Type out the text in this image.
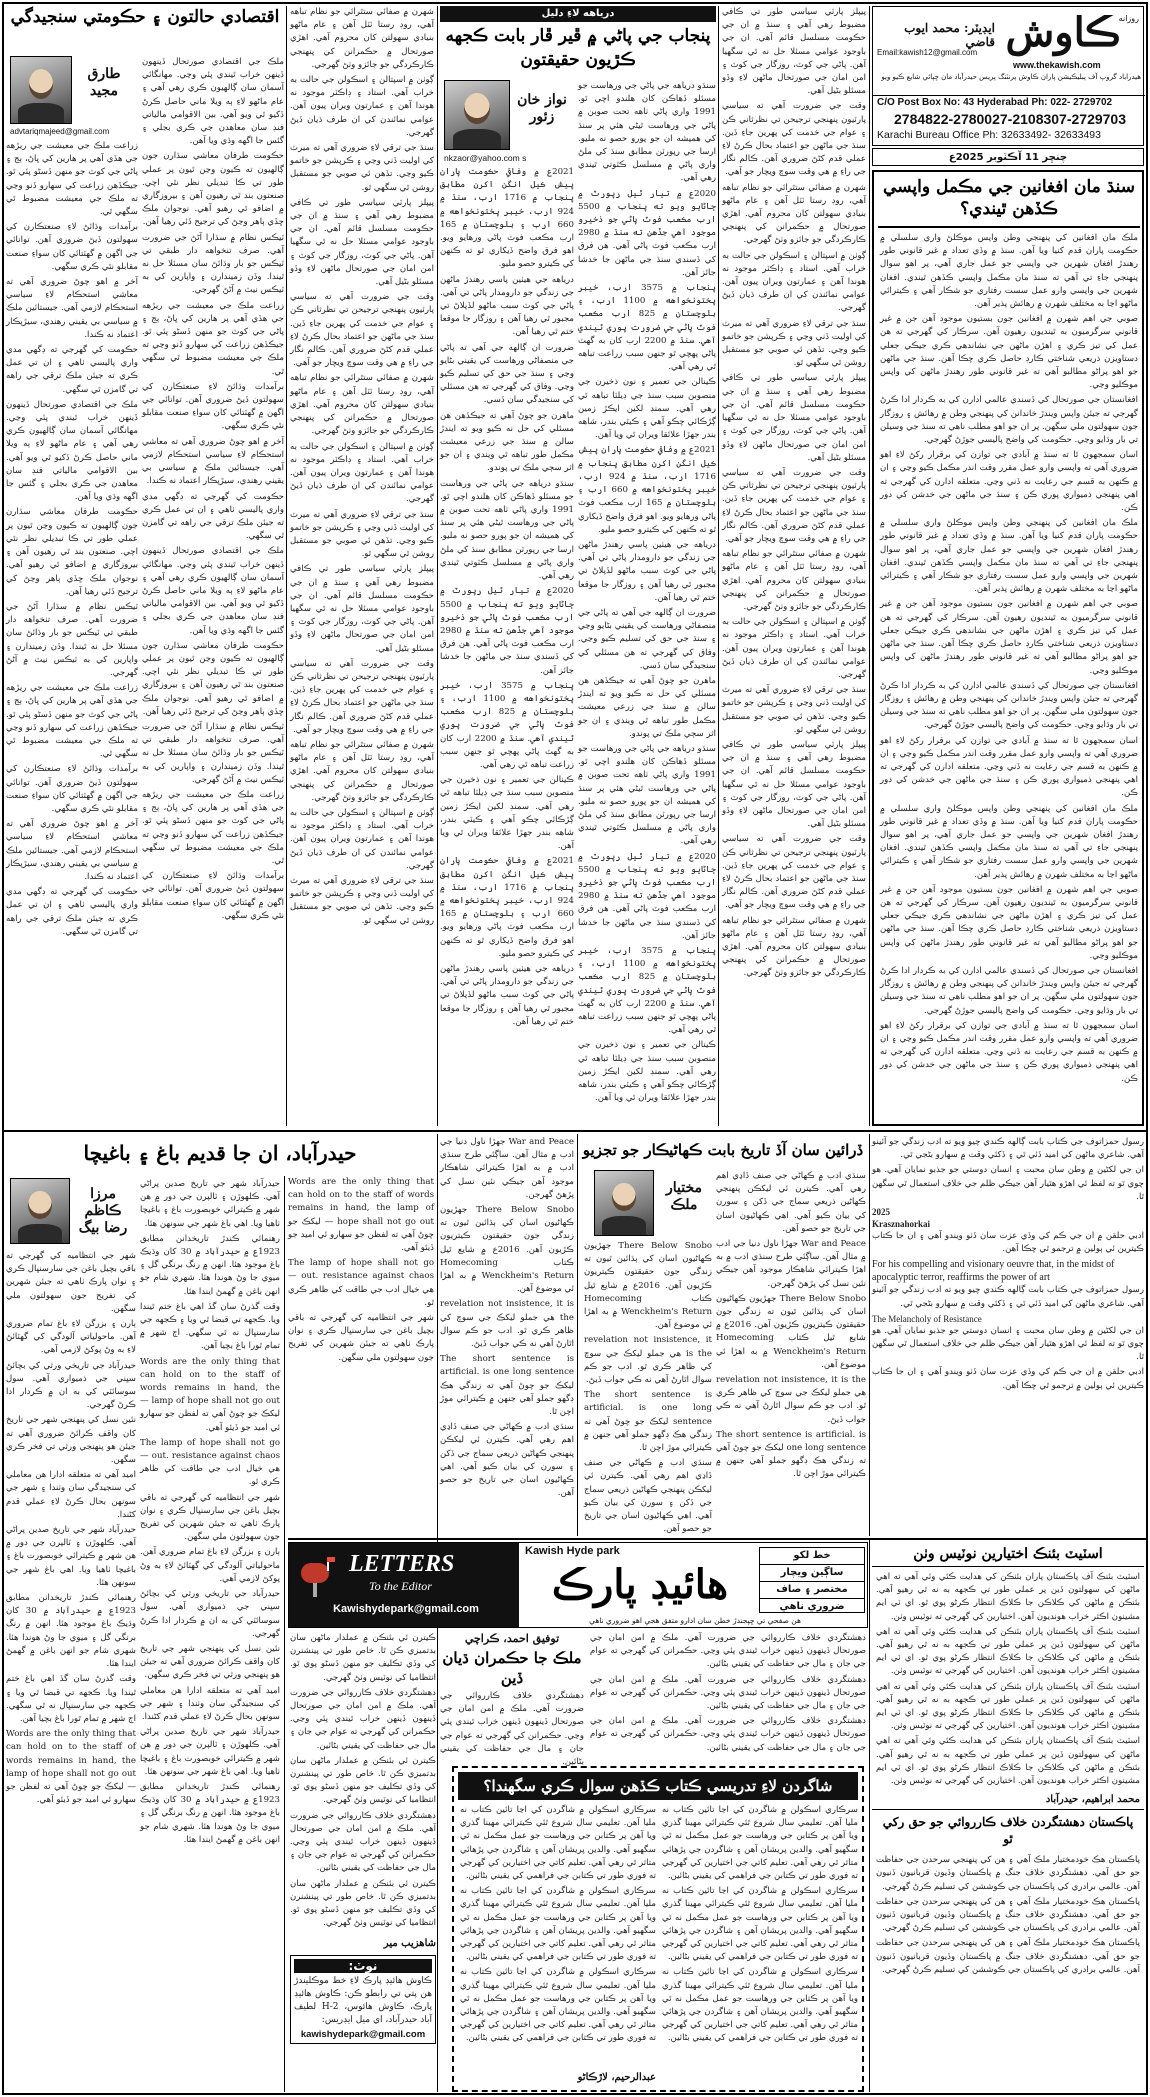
ڪاوش
روزانه
ايڊيٽر: محمد ايوب قاضي
www.thekawish.com
Email:kawish12@gmail.com
هيدراباد گروپ آف پبليڪيشن پاران ڪاوش پرنٽنگ پريس حيدرآباد مان ڇپائي شايع ڪيو ويو
C/O Post Box No: 43 Hyderabad Ph: 022- 2729702
2784822-2780027-2108307-2729703
Karachi Bureau Office Ph: 32633492- 32633493
چنڇر 11 آڪٽوبر 2025ع
سنڌ مان افغانين جي مڪمل واپسي ڪڏهن ٿيندي؟

ملڪ مان افغانين کي پنهنجي وطن واپس موڪلڻ واري سلسلي ۾ حڪومت پاران قدم کنيا ويا آهن. سنڌ ۾ وڏي تعداد ۾ غير قانوني طور رهندڙ افغان شهرين جي واپسي جو عمل جاري آهي، پر اهو سوال پنهنجي جاءِ تي آهي ته سنڌ مان مڪمل واپسي ڪڏهن ٿيندي. افغان شهرين جي واپسي وارو عمل سست رفتاري جو شڪار آهي ۽ ڪيترائي ماڻهو اڃا به مختلف شهرن ۾ رهائش پذير آهن.

صوبي جي اهم شهرن ۾ افغانين جون بستيون موجود آهن جن ۾ غير قانوني سرگرميون به ٿينديون رهيون آهن. سرڪار کي گهرجي ته هن عمل کي تيز ڪري ۽ اهڙن ماڻهن جي نشاندهي ڪري جيڪي جعلي دستاويزن ذريعي شناختي ڪارڊ حاصل ڪري چڪا آهن. سنڌ جي ماڻهن جو اهو پراڻو مطالبو آهي ته غير قانوني طور رهندڙ ماڻهن کي واپس موڪليو وڃي.

افغانستان جي صورتحال کي ڏسندي عالمي ادارن کي به ڪردار ادا ڪرڻ گهرجي ته جيئن واپس ويندڙ خاندانن کي پنهنجي وطن ۾ رهائش ۽ روزگار جون سهولتون ملي سگهن. پر ان جو اهو مطلب ناهي ته سنڌ جي وسيلن تي بار وڌايو وڃي. حڪومت کي واضح پاليسي جوڙڻ گهرجي.

اسان سمجهون ٿا ته سنڌ ۾ آبادي جي توازن کي برقرار رکڻ لاءِ اهو ضروري آهي ته واپسي وارو عمل مقرر وقت اندر مڪمل ڪيو وڃي ۽ ان ۾ ڪنهن به قسم جي رعايت نه ڏني وڃي. متعلقه ادارن کي گهرجي ته اهي پنهنجي ذميواري پوري ڪن ۽ سنڌ جي ماڻهن جي خدشن کي دور ڪن.

ملڪ مان افغانين کي پنهنجي وطن واپس موڪلڻ واري سلسلي ۾ حڪومت پاران قدم کنيا ويا آهن. سنڌ ۾ وڏي تعداد ۾ غير قانوني طور رهندڙ افغان شهرين جي واپسي جو عمل جاري آهي، پر اهو سوال پنهنجي جاءِ تي آهي ته سنڌ مان مڪمل واپسي ڪڏهن ٿيندي. افغان شهرين جي واپسي وارو عمل سست رفتاري جو شڪار آهي ۽ ڪيترائي ماڻهو اڃا به مختلف شهرن ۾ رهائش پذير آهن.

صوبي جي اهم شهرن ۾ افغانين جون بستيون موجود آهن جن ۾ غير قانوني سرگرميون به ٿينديون رهيون آهن. سرڪار کي گهرجي ته هن عمل کي تيز ڪري ۽ اهڙن ماڻهن جي نشاندهي ڪري جيڪي جعلي دستاويزن ذريعي شناختي ڪارڊ حاصل ڪري چڪا آهن. سنڌ جي ماڻهن جو اهو پراڻو مطالبو آهي ته غير قانوني طور رهندڙ ماڻهن کي واپس موڪليو وڃي.

افغانستان جي صورتحال کي ڏسندي عالمي ادارن کي به ڪردار ادا ڪرڻ گهرجي ته جيئن واپس ويندڙ خاندانن کي پنهنجي وطن ۾ رهائش ۽ روزگار جون سهولتون ملي سگهن. پر ان جو اهو مطلب ناهي ته سنڌ جي وسيلن تي بار وڌايو وڃي. حڪومت کي واضح پاليسي جوڙڻ گهرجي.

اسان سمجهون ٿا ته سنڌ ۾ آبادي جي توازن کي برقرار رکڻ لاءِ اهو ضروري آهي ته واپسي وارو عمل مقرر وقت اندر مڪمل ڪيو وڃي ۽ ان ۾ ڪنهن به قسم جي رعايت نه ڏني وڃي. متعلقه ادارن کي گهرجي ته اهي پنهنجي ذميواري پوري ڪن ۽ سنڌ جي ماڻهن جي خدشن کي دور ڪن.

ملڪ مان افغانين کي پنهنجي وطن واپس موڪلڻ واري سلسلي ۾ حڪومت پاران قدم کنيا ويا آهن. سنڌ ۾ وڏي تعداد ۾ غير قانوني طور رهندڙ افغان شهرين جي واپسي جو عمل جاري آهي، پر اهو سوال پنهنجي جاءِ تي آهي ته سنڌ مان مڪمل واپسي ڪڏهن ٿيندي. افغان شهرين جي واپسي وارو عمل سست رفتاري جو شڪار آهي ۽ ڪيترائي ماڻهو اڃا به مختلف شهرن ۾ رهائش پذير آهن.

صوبي جي اهم شهرن ۾ افغانين جون بستيون موجود آهن جن ۾ غير قانوني سرگرميون به ٿينديون رهيون آهن. سرڪار کي گهرجي ته هن عمل کي تيز ڪري ۽ اهڙن ماڻهن جي نشاندهي ڪري جيڪي جعلي دستاويزن ذريعي شناختي ڪارڊ حاصل ڪري چڪا آهن. سنڌ جي ماڻهن جو اهو پراڻو مطالبو آهي ته غير قانوني طور رهندڙ ماڻهن کي واپس موڪليو وڃي.

افغانستان جي صورتحال کي ڏسندي عالمي ادارن کي به ڪردار ادا ڪرڻ گهرجي ته جيئن واپس ويندڙ خاندانن کي پنهنجي وطن ۾ رهائش ۽ روزگار جون سهولتون ملي سگهن. پر ان جو اهو مطلب ناهي ته سنڌ جي وسيلن تي بار وڌايو وڃي. حڪومت کي واضح پاليسي جوڙڻ گهرجي.

اسان سمجهون ٿا ته سنڌ ۾ آبادي جي توازن کي برقرار رکڻ لاءِ اهو ضروري آهي ته واپسي وارو عمل مقرر وقت اندر مڪمل ڪيو وڃي ۽ ان ۾ ڪنهن به قسم جي رعايت نه ڏني وڃي. متعلقه ادارن کي گهرجي ته اهي پنهنجي ذميواري پوري ڪن ۽ سنڌ جي ماڻهن جي خدشن کي دور ڪن.

پيپلز پارٽي سياسي طور تي ڪافي مضبوط رهي آهي ۽ سنڌ ۾ ان جي حڪومت مسلسل قائم آهي. ان جي باوجود عوامي مسئلا حل نه ٿي سگهيا آهن. پاڻي جي کوٽ، روزگار جي کوٽ ۽ امن امان جي صورتحال ماڻهن لاءِ وڏو مسئلو بڻيل آهي.

وقت جي ضرورت آهي ته سياسي پارٽيون پنهنجي ترجيحن تي نظرثاني ڪن ۽ عوام جي خدمت کي پهرين جاءِ ڏين. سنڌ جي ماڻهن جو اعتماد بحال ڪرڻ لاءِ عملي قدم کڻڻ ضروري آهن. ڪالم نگار جي راءِ ۾ هي وقت سوچ ويچار جو آهي.

شهرن ۾ صفائي ستٿرائي جو نظام تباهه آهي، روڊ رستا ٽٽل آهن ۽ عام ماڻهو بنيادي سهولتن کان محروم آهي. اهڙي صورتحال ۾ حڪمرانن کي پنهنجي ڪارڪردگي جو جائزو وٺڻ گهرجي.

ڳوٺن ۾ اسپتالن ۽ اسڪولن جي حالت به خراب آهي. استاد ۽ ڊاڪٽر موجود نه هوندا آهن ۽ عمارتون ويران پيون آهن. عوامي نمائندن کي ان طرف ڌيان ڏيڻ گهرجي.

سنڌ جي ترقي لاءِ ضروري آهي ته ميرٽ کي اوليت ڏني وڃي ۽ ڪرپشن جو خاتمو ڪيو وڃي. تڏهن ئي صوبي جو مستقبل روشن ٿي سگهي ٿو.

پيپلز پارٽي سياسي طور تي ڪافي مضبوط رهي آهي ۽ سنڌ ۾ ان جي حڪومت مسلسل قائم آهي. ان جي باوجود عوامي مسئلا حل نه ٿي سگهيا آهن. پاڻي جي کوٽ، روزگار جي کوٽ ۽ امن امان جي صورتحال ماڻهن لاءِ وڏو مسئلو بڻيل آهي.

وقت جي ضرورت آهي ته سياسي پارٽيون پنهنجي ترجيحن تي نظرثاني ڪن ۽ عوام جي خدمت کي پهرين جاءِ ڏين. سنڌ جي ماڻهن جو اعتماد بحال ڪرڻ لاءِ عملي قدم کڻڻ ضروري آهن. ڪالم نگار جي راءِ ۾ هي وقت سوچ ويچار جو آهي.

شهرن ۾ صفائي ستٿرائي جو نظام تباهه آهي، روڊ رستا ٽٽل آهن ۽ عام ماڻهو بنيادي سهولتن کان محروم آهي. اهڙي صورتحال ۾ حڪمرانن کي پنهنجي ڪارڪردگي جو جائزو وٺڻ گهرجي.

ڳوٺن ۾ اسپتالن ۽ اسڪولن جي حالت به خراب آهي. استاد ۽ ڊاڪٽر موجود نه هوندا آهن ۽ عمارتون ويران پيون آهن. عوامي نمائندن کي ان طرف ڌيان ڏيڻ گهرجي.

سنڌ جي ترقي لاءِ ضروري آهي ته ميرٽ کي اوليت ڏني وڃي ۽ ڪرپشن جو خاتمو ڪيو وڃي. تڏهن ئي صوبي جو مستقبل روشن ٿي سگهي ٿو.

پيپلز پارٽي سياسي طور تي ڪافي مضبوط رهي آهي ۽ سنڌ ۾ ان جي حڪومت مسلسل قائم آهي. ان جي باوجود عوامي مسئلا حل نه ٿي سگهيا آهن. پاڻي جي کوٽ، روزگار جي کوٽ ۽ امن امان جي صورتحال ماڻهن لاءِ وڏو مسئلو بڻيل آهي.

وقت جي ضرورت آهي ته سياسي پارٽيون پنهنجي ترجيحن تي نظرثاني ڪن ۽ عوام جي خدمت کي پهرين جاءِ ڏين. سنڌ جي ماڻهن جو اعتماد بحال ڪرڻ لاءِ عملي قدم کڻڻ ضروري آهن. ڪالم نگار جي راءِ ۾ هي وقت سوچ ويچار جو آهي.

شهرن ۾ صفائي ستٿرائي جو نظام تباهه آهي، روڊ رستا ٽٽل آهن ۽ عام ماڻهو بنيادي سهولتن کان محروم آهي. اهڙي صورتحال ۾ حڪمرانن کي پنهنجي ڪارڪردگي جو جائزو وٺڻ گهرجي.

درياهه لاءِ دليل
پنجاب جي پاڻي ۾ ڦير ڦار بابت ڪجهه ڪڙيون حقيقتون
نواز خان زئور
nkzaor@yahoo.com s

سنڌو درياهه جي پاڻي جي ورهاست جو مسئلو ڏهاڪن کان هلندو اچي ٿو. 1991 واري پاڻي ٺاهه تحت صوبن ۾ پاڻي جي ورهاست ٿيڻي هئي پر سنڌ کي هميشه ان جو پورو حصو نه مليو. ارسا جي رپورٽن مطابق سنڌ کي ملڻ واري پاڻي ۾ مسلسل ڪٽوتي ٿيندي رهي آهي.

2020ع ۾ تيار ٿيل رپورٽ ۾ ڄاڻايو ويو ته پنجاب ۾ 5500 ارب مڪعب فوٽ پاڻي جو ذخيرو موجود آهي جڏهن ته سنڌ ۾ 2980 ارب مڪعب فوٽ پاڻي آهي. هن فرق کي ڏسندي سنڌ جي ماڻهن جا خدشا جائز آهن.

پنجاب ۾ 3575 ارب، خيبر پختونخواهه ۾ 1100 ارب، ۽ بلوچستان ۾ 825 ارب مڪعب فوٽ پاڻي جي ضرورت پوري ٿيندي آهي. سنڌ ۾ 2200 ارب کان به گهٽ پاڻي پهچي ٿو جنهن سبب زراعت تباهه ٿي رهي آهي.

ڪينالن جي تعمير ۽ نون ذخيرن جي منصوبن سبب سنڌ جي ڊيلٽا تباهه ٿي رهي آهي. سمنڊ لکين ايڪڙ زمين ڳڙڪائي چڪو آهي ۽ ڪيٽي بندر، شاهه بندر جهڙا علائقا ويران ٿي ويا آهن.

2021ع ۾ وفاقي حڪومت پاران پيش ڪيل انگن اکرن مطابق پنجاب ۾ 1716 ارب، سنڌ ۾ 924 ارب، خيبر پختونخواهه ۾ 660 ارب ۽ بلوچستان ۾ 165 ارب مڪعب فوٽ پاڻي ورهايو ويو. اهو فرق واضح ڏيکاري ٿو ته ڪنهن کي ڪيترو حصو مليو.

درياهه جي هيٺين پاسي رهندڙ ماڻهن جي زندگي جو دارومدار پاڻي تي آهي. پاڻي جي کوٽ سبب ماڻهو لڏپلاڻ تي مجبور ٿي رهيا آهن ۽ روزگار جا موقعا ختم ٿي رهيا آهن.

ضرورت ان ڳالهه جي آهي ته پاڻي جي منصفاڻي ورهاست کي يقيني بڻايو وڃي ۽ سنڌ جي حق کي تسليم ڪيو وڃي. وفاق کي گهرجي ته هن مسئلي کي سنجيدگي سان ڏسي.

ماهرن جو چوڻ آهي ته جيڪڏهن هن مسئلي کي حل نه ڪيو ويو ته ايندڙ سالن ۾ سنڌ جي زرعي معيشت مڪمل طور تباهه ٿي ويندي ۽ ان جو اثر سڄي ملڪ تي پوندو.

سنڌو درياهه جي پاڻي جي ورهاست جو مسئلو ڏهاڪن کان هلندو اچي ٿو. 1991 واري پاڻي ٺاهه تحت صوبن ۾ پاڻي جي ورهاست ٿيڻي هئي پر سنڌ کي هميشه ان جو پورو حصو نه مليو. ارسا جي رپورٽن مطابق سنڌ کي ملڻ واري پاڻي ۾ مسلسل ڪٽوتي ٿيندي رهي آهي.

2020ع ۾ تيار ٿيل رپورٽ ۾ ڄاڻايو ويو ته پنجاب ۾ 5500 ارب مڪعب فوٽ پاڻي جو ذخيرو موجود آهي جڏهن ته سنڌ ۾ 2980 ارب مڪعب فوٽ پاڻي آهي. هن فرق کي ڏسندي سنڌ جي ماڻهن جا خدشا جائز آهن.

پنجاب ۾ 3575 ارب، خيبر پختونخواهه ۾ 1100 ارب، ۽ بلوچستان ۾ 825 ارب مڪعب فوٽ پاڻي جي ضرورت پوري ٿيندي آهي. سنڌ ۾ 2200 ارب کان به گهٽ پاڻي پهچي ٿو جنهن سبب زراعت تباهه ٿي رهي آهي.

ڪينالن جي تعمير ۽ نون ذخيرن جي منصوبن سبب سنڌ جي ڊيلٽا تباهه ٿي رهي آهي. سمنڊ لکين ايڪڙ زمين ڳڙڪائي چڪو آهي ۽ ڪيٽي بندر، شاهه بندر جهڙا علائقا ويران ٿي ويا آهن.

2021ع ۾ وفاقي حڪومت پاران پيش ڪيل انگن اکرن مطابق پنجاب ۾ 1716 ارب، سنڌ ۾ 924 ارب، خيبر پختونخواهه ۾ 660 ارب ۽ بلوچستان ۾ 165 ارب مڪعب فوٽ پاڻي ورهايو ويو. اهو فرق واضح ڏيکاري ٿو ته ڪنهن کي ڪيترو حصو مليو.

درياهه جي هيٺين پاسي رهندڙ ماڻهن جي زندگي جو دارومدار پاڻي تي آهي. پاڻي جي کوٽ سبب ماڻهو لڏپلاڻ تي مجبور ٿي رهيا آهن ۽ روزگار جا موقعا ختم ٿي رهيا آهن.

ضرورت ان ڳالهه جي آهي ته پاڻي جي منصفاڻي ورهاست کي يقيني بڻايو وڃي ۽ سنڌ جي حق کي تسليم ڪيو وڃي. وفاق کي گهرجي ته هن مسئلي کي سنجيدگي سان ڏسي.

ماهرن جو چوڻ آهي ته جيڪڏهن هن مسئلي کي حل نه ڪيو ويو ته ايندڙ سالن ۾ سنڌ جي زرعي معيشت مڪمل طور تباهه ٿي ويندي ۽ ان جو اثر سڄي ملڪ تي پوندو.

سنڌو درياهه جي پاڻي جي ورهاست جو مسئلو ڏهاڪن کان هلندو اچي ٿو. 1991 واري پاڻي ٺاهه تحت صوبن ۾ پاڻي جي ورهاست ٿيڻي هئي پر سنڌ کي هميشه ان جو پورو حصو نه مليو. ارسا جي رپورٽن مطابق سنڌ کي ملڻ واري پاڻي ۾ مسلسل ڪٽوتي ٿيندي رهي آهي.

2020ع ۾ تيار ٿيل رپورٽ ۾ ڄاڻايو ويو ته پنجاب ۾ 5500 ارب مڪعب فوٽ پاڻي جو ذخيرو موجود آهي جڏهن ته سنڌ ۾ 2980 ارب مڪعب فوٽ پاڻي آهي. هن فرق کي ڏسندي سنڌ جي ماڻهن جا خدشا جائز آهن.

پنجاب ۾ 3575 ارب، خيبر پختونخواهه ۾ 1100 ارب، ۽ بلوچستان ۾ 825 ارب مڪعب فوٽ پاڻي جي ضرورت پوري ٿيندي آهي. سنڌ ۾ 2200 ارب کان به گهٽ پاڻي پهچي ٿو جنهن سبب زراعت تباهه ٿي رهي آهي.

ڪينالن جي تعمير ۽ نون ذخيرن جي منصوبن سبب سنڌ جي ڊيلٽا تباهه ٿي رهي آهي. سمنڊ لکين ايڪڙ زمين ڳڙڪائي چڪو آهي ۽ ڪيٽي بندر، شاهه بندر جهڙا علائقا ويران ٿي ويا آهن.

2021ع ۾ وفاقي حڪومت پاران پيش ڪيل انگن اکرن مطابق پنجاب ۾ 1716 ارب، سنڌ ۾ 924 ارب، خيبر پختونخواهه ۾ 660 ارب ۽ بلوچستان ۾ 165 ارب مڪعب فوٽ پاڻي ورهايو ويو. اهو فرق واضح ڏيکاري ٿو ته ڪنهن کي ڪيترو حصو مليو.

درياهه جي هيٺين پاسي رهندڙ ماڻهن جي زندگي جو دارومدار پاڻي تي آهي. پاڻي جي کوٽ سبب ماڻهو لڏپلاڻ تي مجبور ٿي رهيا آهن ۽ روزگار جا موقعا ختم ٿي رهيا آهن.

شهرن ۾ صفائي ستٿرائي جو نظام تباهه آهي، روڊ رستا ٽٽل آهن ۽ عام ماڻهو بنيادي سهولتن کان محروم آهي. اهڙي صورتحال ۾ حڪمرانن کي پنهنجي ڪارڪردگي جو جائزو وٺڻ گهرجي.

ڳوٺن ۾ اسپتالن ۽ اسڪولن جي حالت به خراب آهي. استاد ۽ ڊاڪٽر موجود نه هوندا آهن ۽ عمارتون ويران پيون آهن. عوامي نمائندن کي ان طرف ڌيان ڏيڻ گهرجي.

سنڌ جي ترقي لاءِ ضروري آهي ته ميرٽ کي اوليت ڏني وڃي ۽ ڪرپشن جو خاتمو ڪيو وڃي. تڏهن ئي صوبي جو مستقبل روشن ٿي سگهي ٿو.

پيپلز پارٽي سياسي طور تي ڪافي مضبوط رهي آهي ۽ سنڌ ۾ ان جي حڪومت مسلسل قائم آهي. ان جي باوجود عوامي مسئلا حل نه ٿي سگهيا آهن. پاڻي جي کوٽ، روزگار جي کوٽ ۽ امن امان جي صورتحال ماڻهن لاءِ وڏو مسئلو بڻيل آهي.

وقت جي ضرورت آهي ته سياسي پارٽيون پنهنجي ترجيحن تي نظرثاني ڪن ۽ عوام جي خدمت کي پهرين جاءِ ڏين. سنڌ جي ماڻهن جو اعتماد بحال ڪرڻ لاءِ عملي قدم کڻڻ ضروري آهن. ڪالم نگار جي راءِ ۾ هي وقت سوچ ويچار جو آهي.

شهرن ۾ صفائي ستٿرائي جو نظام تباهه آهي، روڊ رستا ٽٽل آهن ۽ عام ماڻهو بنيادي سهولتن کان محروم آهي. اهڙي صورتحال ۾ حڪمرانن کي پنهنجي ڪارڪردگي جو جائزو وٺڻ گهرجي.

ڳوٺن ۾ اسپتالن ۽ اسڪولن جي حالت به خراب آهي. استاد ۽ ڊاڪٽر موجود نه هوندا آهن ۽ عمارتون ويران پيون آهن. عوامي نمائندن کي ان طرف ڌيان ڏيڻ گهرجي.

سنڌ جي ترقي لاءِ ضروري آهي ته ميرٽ کي اوليت ڏني وڃي ۽ ڪرپشن جو خاتمو ڪيو وڃي. تڏهن ئي صوبي جو مستقبل روشن ٿي سگهي ٿو.

پيپلز پارٽي سياسي طور تي ڪافي مضبوط رهي آهي ۽ سنڌ ۾ ان جي حڪومت مسلسل قائم آهي. ان جي باوجود عوامي مسئلا حل نه ٿي سگهيا آهن. پاڻي جي کوٽ، روزگار جي کوٽ ۽ امن امان جي صورتحال ماڻهن لاءِ وڏو مسئلو بڻيل آهي.

وقت جي ضرورت آهي ته سياسي پارٽيون پنهنجي ترجيحن تي نظرثاني ڪن ۽ عوام جي خدمت کي پهرين جاءِ ڏين. سنڌ جي ماڻهن جو اعتماد بحال ڪرڻ لاءِ عملي قدم کڻڻ ضروري آهن. ڪالم نگار جي راءِ ۾ هي وقت سوچ ويچار جو آهي.

شهرن ۾ صفائي ستٿرائي جو نظام تباهه آهي، روڊ رستا ٽٽل آهن ۽ عام ماڻهو بنيادي سهولتن کان محروم آهي. اهڙي صورتحال ۾ حڪمرانن کي پنهنجي ڪارڪردگي جو جائزو وٺڻ گهرجي.

ڳوٺن ۾ اسپتالن ۽ اسڪولن جي حالت به خراب آهي. استاد ۽ ڊاڪٽر موجود نه هوندا آهن ۽ عمارتون ويران پيون آهن. عوامي نمائندن کي ان طرف ڌيان ڏيڻ گهرجي.

سنڌ جي ترقي لاءِ ضروري آهي ته ميرٽ کي اوليت ڏني وڃي ۽ ڪرپشن جو خاتمو ڪيو وڃي. تڏهن ئي صوبي جو مستقبل روشن ٿي سگهي ٿو.

اقتصادي حالتون ۽ حڪومتي سنجيدگي
طارق مجيد
advtariqmajeed@gmail.com

ملڪ جي اقتصادي صورتحال ڏينهون ڏينهن خراب ٿيندي پئي وڃي. مهانگائي آسمان سان ڳالهيون ڪري رهي آهي ۽ عام ماڻهو لاءِ ٻه ويلا ماني حاصل ڪرڻ ڏکيو ٿي ويو آهي. بين الاقوامي مالياتي فنڊ سان معاهدن جي ڪري بجلي ۽ گئس جا اگهه وڌي ويا آهن.

حڪومت طرفان معاشي سڌارن جون ڳالهيون ته ڪيون وڃن ٿيون پر عملي طور تي ڪا تبديلي نظر نٿي اچي. صنعتون بند ٿي رهيون آهن ۽ بيروزگاري ۾ اضافو ٿي رهيو آهي. نوجوان ملڪ ڇڏي ٻاهر وڃڻ کي ترجيح ڏئي رهيا آهن.

ٽيڪس نظام ۾ سڌارا آڻڻ جي ضرورت آهي. صرف تنخواهه دار طبقي تي ٽيڪس جو بار وڌائڻ سان مسئلا حل نه ٿيندا. وڏن زميندارن ۽ واپارين کي به ٽيڪس نيٽ ۾ آڻڻ گهرجي.

زراعت ملڪ جي معيشت جي ريڙهه جي هڏي آهي پر هارين کي ڀاڻ، ٻج ۽ پاڻي جي کوٽ جو منهن ڏسڻو پئي ٿو. جيڪڏهن زراعت کي سهارو ڏنو وڃي ته ملڪ جي معيشت مضبوط ٿي سگهي ٿي.

برآمدات وڌائڻ لاءِ صنعتڪارن کي سهولتون ڏيڻ ضروري آهن. توانائي جي اگهن ۾ گهٽتائي کان سواءِ صنعت مقابلو نٿي ڪري سگهي.

آخر ۾ اهو چوڻ ضروري آهي ته معاشي استحڪام لاءِ سياسي استحڪام لازمي آهي. جيستائين ملڪ ۾ سياسي بي يقيني رهندي، سيڙپڪار اعتماد نه ڪندا.

حڪومت کي گهرجي ته ڊگهي مدي واري پاليسي ٺاهي ۽ ان تي عمل ڪري ته جيئن ملڪ ترقي جي راهه تي گامزن ٿي سگهي.

ملڪ جي اقتصادي صورتحال ڏينهون ڏينهن خراب ٿيندي پئي وڃي. مهانگائي آسمان سان ڳالهيون ڪري رهي آهي ۽ عام ماڻهو لاءِ ٻه ويلا ماني حاصل ڪرڻ ڏکيو ٿي ويو آهي. بين الاقوامي مالياتي فنڊ سان معاهدن جي ڪري بجلي ۽ گئس جا اگهه وڌي ويا آهن.

حڪومت طرفان معاشي سڌارن جون ڳالهيون ته ڪيون وڃن ٿيون پر عملي طور تي ڪا تبديلي نظر نٿي اچي. صنعتون بند ٿي رهيون آهن ۽ بيروزگاري ۾ اضافو ٿي رهيو آهي. نوجوان ملڪ ڇڏي ٻاهر وڃڻ کي ترجيح ڏئي رهيا آهن.

ٽيڪس نظام ۾ سڌارا آڻڻ جي ضرورت آهي. صرف تنخواهه دار طبقي تي ٽيڪس جو بار وڌائڻ سان مسئلا حل نه ٿيندا. وڏن زميندارن ۽ واپارين کي به ٽيڪس نيٽ ۾ آڻڻ گهرجي.

زراعت ملڪ جي معيشت جي ريڙهه جي هڏي آهي پر هارين کي ڀاڻ، ٻج ۽ پاڻي جي کوٽ جو منهن ڏسڻو پئي ٿو. جيڪڏهن زراعت کي سهارو ڏنو وڃي ته ملڪ جي معيشت مضبوط ٿي سگهي ٿي.

برآمدات وڌائڻ لاءِ صنعتڪارن کي سهولتون ڏيڻ ضروري آهن. توانائي جي اگهن ۾ گهٽتائي کان سواءِ صنعت مقابلو نٿي ڪري سگهي.

زراعت ملڪ جي معيشت جي ريڙهه جي هڏي آهي پر هارين کي ڀاڻ، ٻج ۽ پاڻي جي کوٽ جو منهن ڏسڻو پئي ٿو. جيڪڏهن زراعت کي سهارو ڏنو وڃي ته ملڪ جي معيشت مضبوط ٿي سگهي ٿي.

برآمدات وڌائڻ لاءِ صنعتڪارن کي سهولتون ڏيڻ ضروري آهن. توانائي جي اگهن ۾ گهٽتائي کان سواءِ صنعت مقابلو نٿي ڪري سگهي.

آخر ۾ اهو چوڻ ضروري آهي ته معاشي استحڪام لاءِ سياسي استحڪام لازمي آهي. جيستائين ملڪ ۾ سياسي بي يقيني رهندي، سيڙپڪار اعتماد نه ڪندا.

حڪومت کي گهرجي ته ڊگهي مدي واري پاليسي ٺاهي ۽ ان تي عمل ڪري ته جيئن ملڪ ترقي جي راهه تي گامزن ٿي سگهي.

ملڪ جي اقتصادي صورتحال ڏينهون ڏينهن خراب ٿيندي پئي وڃي. مهانگائي آسمان سان ڳالهيون ڪري رهي آهي ۽ عام ماڻهو لاءِ ٻه ويلا ماني حاصل ڪرڻ ڏکيو ٿي ويو آهي. بين الاقوامي مالياتي فنڊ سان معاهدن جي ڪري بجلي ۽ گئس جا اگهه وڌي ويا آهن.

حڪومت طرفان معاشي سڌارن جون ڳالهيون ته ڪيون وڃن ٿيون پر عملي طور تي ڪا تبديلي نظر نٿي اچي. صنعتون بند ٿي رهيون آهن ۽ بيروزگاري ۾ اضافو ٿي رهيو آهي. نوجوان ملڪ ڇڏي ٻاهر وڃڻ کي ترجيح ڏئي رهيا آهن.

ٽيڪس نظام ۾ سڌارا آڻڻ جي ضرورت آهي. صرف تنخواهه دار طبقي تي ٽيڪس جو بار وڌائڻ سان مسئلا حل نه ٿيندا. وڏن زميندارن ۽ واپارين کي به ٽيڪس نيٽ ۾ آڻڻ گهرجي.

زراعت ملڪ جي معيشت جي ريڙهه جي هڏي آهي پر هارين کي ڀاڻ، ٻج ۽ پاڻي جي کوٽ جو منهن ڏسڻو پئي ٿو. جيڪڏهن زراعت کي سهارو ڏنو وڃي ته ملڪ جي معيشت مضبوط ٿي سگهي ٿي.

برآمدات وڌائڻ لاءِ صنعتڪارن کي سهولتون ڏيڻ ضروري آهن. توانائي جي اگهن ۾ گهٽتائي کان سواءِ صنعت مقابلو نٿي ڪري سگهي.

آخر ۾ اهو چوڻ ضروري آهي ته معاشي استحڪام لاءِ سياسي استحڪام لازمي آهي. جيستائين ملڪ ۾ سياسي بي يقيني رهندي، سيڙپڪار اعتماد نه ڪندا.

حڪومت کي گهرجي ته ڊگهي مدي واري پاليسي ٺاهي ۽ ان تي عمل ڪري ته جيئن ملڪ ترقي جي راهه تي گامزن ٿي سگهي.

رسول حمزاتوف جي ڪتاب بابت ڳالهه ڪندي چيو ويو ته ادب زندگي جو آئينو آهي. شاعري ماڻهن کي اميد ڏئي ٿي ۽ ڏکئي وقت ۾ سهارو بڻجي ٿي.

ان جي لکڻين ۾ وطن سان محبت ۽ انسان دوستي جو جذبو نمايان آهي. هو چوي ٿو ته لفظ ئي اهڙو هٿيار آهن جيڪي ظلم جي خلاف استعمال ٿي سگهن ٿا.

2025
Krasznahorkai

ادبي حلقن ۾ ان جي ڪم کي وڏي عزت سان ڏٺو ويندو آهي ۽ ان جا ڪتاب ڪيترين ئي ٻولين ۾ ترجمو ٿي چڪا آهن.

For his compelling and visionary oeuvre that, in the midst of apocalyptic terror, reaffirms the power of art

رسول حمزاتوف جي ڪتاب بابت ڳالهه ڪندي چيو ويو ته ادب زندگي جو آئينو آهي. شاعري ماڻهن کي اميد ڏئي ٿي ۽ ڏکئي وقت ۾ سهارو بڻجي ٿي.

The Melancholy of Resistance

ان جي لکڻين ۾ وطن سان محبت ۽ انسان دوستي جو جذبو نمايان آهي. هو چوي ٿو ته لفظ ئي اهڙو هٿيار آهن جيڪي ظلم جي خلاف استعمال ٿي سگهن ٿا.

ادبي حلقن ۾ ان جي ڪم کي وڏي عزت سان ڏٺو ويندو آهي ۽ ان جا ڪتاب ڪيترين ئي ٻولين ۾ ترجمو ٿي چڪا آهن.

ڏرائين سان آڏ تاريخ بابت ڪهاڻيڪار جو تجزيو
مختيار ملڪ

سنڌي ادب ۾ ڪهاڻي جي صنف ڏاڍي اهم رهي آهي. ڪيترن ئي ليکڪن پنهنجي ڪهاڻين ذريعي سماج جي ڏکن ۽ سورن کي بيان ڪيو آهي. اهي ڪهاڻيون اسان جي تاريخ جو حصو آهن.

War and Peace جهڙا ناول دنيا جي ادب ۾ مثال آهن. ساڳئي طرح سنڌي ادب ۾ به اهڙا ڪيترائي شاهڪار موجود آهن جيڪي نئين نسل کي پڙهڻ گهرجن.

There Below Snobo جهڙيون ڪهاڻيون اسان کي ٻڌائين ٿيون ته زندگي جون حقيقتون ڪيتريون ڪڙيون آهن. 2016ع ۾ شايع ٿيل ڪتاب Homecoming Wenckheim's Return ۾ به اهڙا ئي موضوع آهن.

revelation not insistence, it is the هي جملو ليکڪ جي سوچ کي ظاهر ڪري ٿو. ادب جو ڪم سوال اٿارڻ آهي نه ڪي جواب ڏيڻ.

The short sentence is artificial. is one long sentence ليکڪ جو چوڻ آهي ته زندگي هڪ ڊگهو جملو آهي جنهن ۾ ڪيترائي موڙ اچن ٿا.

There Below Snobo جهڙيون ڪهاڻيون اسان کي ٻڌائين ٿيون ته زندگي جون حقيقتون ڪيتريون ڪڙيون آهن. 2016ع ۾ شايع ٿيل ڪتاب Homecoming Wenckheim's Return ۾ به اهڙا ئي موضوع آهن.

revelation not insistence, it is the هي جملو ليکڪ جي سوچ کي ظاهر ڪري ٿو. ادب جو ڪم سوال اٿارڻ آهي نه ڪي جواب ڏيڻ.

The short sentence is artificial. is one long sentence ليکڪ جو چوڻ آهي ته زندگي هڪ ڊگهو جملو آهي جنهن ۾ ڪيترائي موڙ اچن ٿا.

سنڌي ادب ۾ ڪهاڻي جي صنف ڏاڍي اهم رهي آهي. ڪيترن ئي ليکڪن پنهنجي ڪهاڻين ذريعي سماج جي ڏکن ۽ سورن کي بيان ڪيو آهي. اهي ڪهاڻيون اسان جي تاريخ جو حصو آهن.

War and Peace جهڙا ناول دنيا جي ادب ۾ مثال آهن. ساڳئي طرح سنڌي ادب ۾ به اهڙا ڪيترائي شاهڪار موجود آهن جيڪي نئين نسل کي پڙهڻ گهرجن.

There Below Snobo جهڙيون ڪهاڻيون اسان کي ٻڌائين ٿيون ته زندگي جون حقيقتون ڪيتريون ڪڙيون آهن. 2016ع ۾ شايع ٿيل ڪتاب Homecoming Wenckheim's Return ۾ به اهڙا ئي موضوع آهن.

revelation not insistence, it is the هي جملو ليکڪ جي سوچ کي ظاهر ڪري ٿو. ادب جو ڪم سوال اٿارڻ آهي نه ڪي جواب ڏيڻ.

The short sentence is artificial. is one long sentence ليکڪ جو چوڻ آهي ته زندگي هڪ ڊگهو جملو آهي جنهن ۾ ڪيترائي موڙ اچن ٿا.

سنڌي ادب ۾ ڪهاڻي جي صنف ڏاڍي اهم رهي آهي. ڪيترن ئي ليکڪن پنهنجي ڪهاڻين ذريعي سماج جي ڏکن ۽ سورن کي بيان ڪيو آهي. اهي ڪهاڻيون اسان جي تاريخ جو حصو آهن.

حيدرآباد، ان جا قديم باغ ۽ باغيچا
مرزا ڪاظم رضا بيگ

حيدرآباد شهر جي تاريخ صدين پراڻي آهي. ڪلهوڙن ۽ ٽالپرن جي دور ۾ هن شهر ۾ ڪيترائي خوبصورت باغ ۽ باغيچا ٺاهيا ويا. اهي باغ شهر جي سونهن هئا.

رهنمائي ڪندڙ تاريخدانن مطابق 1923ع ۾ حيدرآباد ۾ 30 کان وڌيڪ باغ موجود هئا. انهن ۾ رنگ برنگي گل ۽ ميوي جا وڻ هوندا هئا. شهري شام جو انهن باغن ۾ گهمڻ ايندا هئا.

وقت گذرڻ سان گڏ اهي باغ ختم ٿيندا ويا. ڪجهه تي قبضا ٿي ويا ۽ ڪجهه جي سارسنڀال نه ٿي سگهي. اڄ شهر ۾ تمام ٿورا باغ بچيا آهن.

Words are the only thing that can hold on to the staff of words remains in hand, the lamp of hope shall not go out — ليکڪ جو چوڻ آهي ته لفظن جو سهارو ئي اميد جو ڏيئو آهي.

The lamp of hope shall not go out. resistance against chaos — هي خيال ادب جي طاقت کي ظاهر ڪري ٿو.

شهر جي انتظاميه کي گهرجي ته باقي بچيل باغن جي سارسنڀال ڪري ۽ نوان پارڪ ٺاهي ته جيئن شهرين کي تفريح جون سهولتون ملي سگهن.

ٻارن ۽ بزرگن لاءِ باغ تمام ضروري آهن. ماحولياتي آلودگي کي گهٽائڻ لاءِ به وڻ پوکڻ لازمي آهي.

حيدرآباد جي تاريخي ورثي کي بچائڻ سڀني جي ذميواري آهي. سول سوسائٽي کي به ان ۾ ڪردار ادا ڪرڻ گهرجي.

نئين نسل کي پنهنجي شهر جي تاريخ کان واقف ڪرائڻ ضروري آهي ته جيئن هو پنهنجي ورثي تي فخر ڪري سگهن.

اميد آهي ته متعلقه ادارا هن معاملي کي سنجيدگي سان وٺندا ۽ شهر جي سونهن بحال ڪرڻ لاءِ عملي قدم کڻندا.

حيدرآباد شهر جي تاريخ صدين پراڻي آهي. ڪلهوڙن ۽ ٽالپرن جي دور ۾ هن شهر ۾ ڪيترائي خوبصورت باغ ۽ باغيچا ٺاهيا ويا. اهي باغ شهر جي سونهن هئا.

رهنمائي ڪندڙ تاريخدانن مطابق 1923ع ۾ حيدرآباد ۾ 30 کان وڌيڪ باغ موجود هئا. انهن ۾ رنگ برنگي گل ۽ ميوي جا وڻ هوندا هئا. شهري شام جو انهن باغن ۾ گهمڻ ايندا هئا.

شهر جي انتظاميه کي گهرجي ته باقي بچيل باغن جي سارسنڀال ڪري ۽ نوان پارڪ ٺاهي ته جيئن شهرين کي تفريح جون سهولتون ملي سگهن.

ٻارن ۽ بزرگن لاءِ باغ تمام ضروري آهن. ماحولياتي آلودگي کي گهٽائڻ لاءِ به وڻ پوکڻ لازمي آهي.

حيدرآباد جي تاريخي ورثي کي بچائڻ سڀني جي ذميواري آهي. سول سوسائٽي کي به ان ۾ ڪردار ادا ڪرڻ گهرجي.

نئين نسل کي پنهنجي شهر جي تاريخ کان واقف ڪرائڻ ضروري آهي ته جيئن هو پنهنجي ورثي تي فخر ڪري سگهن.

اميد آهي ته متعلقه ادارا هن معاملي کي سنجيدگي سان وٺندا ۽ شهر جي سونهن بحال ڪرڻ لاءِ عملي قدم کڻندا.

حيدرآباد شهر جي تاريخ صدين پراڻي آهي. ڪلهوڙن ۽ ٽالپرن جي دور ۾ هن شهر ۾ ڪيترائي خوبصورت باغ ۽ باغيچا ٺاهيا ويا. اهي باغ شهر جي سونهن هئا.

رهنمائي ڪندڙ تاريخدانن مطابق 1923ع ۾ حيدرآباد ۾ 30 کان وڌيڪ باغ موجود هئا. انهن ۾ رنگ برنگي گل ۽ ميوي جا وڻ هوندا هئا. شهري شام جو انهن باغن ۾ گهمڻ ايندا هئا.

وقت گذرڻ سان گڏ اهي باغ ختم ٿيندا ويا. ڪجهه تي قبضا ٿي ويا ۽ ڪجهه جي سارسنڀال نه ٿي سگهي. اڄ شهر ۾ تمام ٿورا باغ بچيا آهن.

Words are the only thing that can hold on to the staff of words remains in hand, the lamp of hope shall not go out — ليکڪ جو چوڻ آهي ته لفظن جو سهارو ئي اميد جو ڏيئو آهي.

Words are the only thing that can hold on to the staff of words remains in hand, the lamp of hope shall not go out — ليکڪ جو چوڻ آهي ته لفظن جو سهارو ئي اميد جو ڏيئو آهي.

The lamp of hope shall not go out. resistance against chaos — هي خيال ادب جي طاقت کي ظاهر ڪري ٿو.

شهر جي انتظاميه کي گهرجي ته باقي بچيل باغن جي سارسنڀال ڪري ۽ نوان پارڪ ٺاهي ته جيئن شهرين کي تفريح جون سهولتون ملي سگهن.

LETTERS
To the Editor
Kawishydepark@gmail.com
Kawish Hyde park
هائيڊ پارڪ
خط لکو
ساڳين ويچار
مختصر ۽ صاف
ضروري ناهي
هن صفحي تي ڇپجندڙ خطن سان ادارو متفق هجي اهو ضروري ناهي
اسٽيٽ بئنڪ اختيارين نوٽيس وٺن

اسٽيٽ بئنڪ آف پاڪستان پاران بئنڪن کي هدايت ڪئي وئي آهي ته اهي ماڻهن کي سهولتون ڏين پر عملي طور تي ڪجهه به نه ٿي رهيو آهي. بئنڪن ۾ ماڻهن کي ڪلاڪن جا ڪلاڪ انتظار ڪرڻو پوي ٿو. اي ٽي ايم مشينون اڪثر خراب هونديون آهن. اختيارين کي گهرجي ته نوٽيس وٺن.

اسٽيٽ بئنڪ آف پاڪستان پاران بئنڪن کي هدايت ڪئي وئي آهي ته اهي ماڻهن کي سهولتون ڏين پر عملي طور تي ڪجهه به نه ٿي رهيو آهي. بئنڪن ۾ ماڻهن کي ڪلاڪن جا ڪلاڪ انتظار ڪرڻو پوي ٿو. اي ٽي ايم مشينون اڪثر خراب هونديون آهن. اختيارين کي گهرجي ته نوٽيس وٺن.

اسٽيٽ بئنڪ آف پاڪستان پاران بئنڪن کي هدايت ڪئي وئي آهي ته اهي ماڻهن کي سهولتون ڏين پر عملي طور تي ڪجهه به نه ٿي رهيو آهي. بئنڪن ۾ ماڻهن کي ڪلاڪن جا ڪلاڪ انتظار ڪرڻو پوي ٿو. اي ٽي ايم مشينون اڪثر خراب هونديون آهن. اختيارين کي گهرجي ته نوٽيس وٺن.

اسٽيٽ بئنڪ آف پاڪستان پاران بئنڪن کي هدايت ڪئي وئي آهي ته اهي ماڻهن کي سهولتون ڏين پر عملي طور تي ڪجهه به نه ٿي رهيو آهي. بئنڪن ۾ ماڻهن کي ڪلاڪن جا ڪلاڪ انتظار ڪرڻو پوي ٿو. اي ٽي ايم مشينون اڪثر خراب هونديون آهن. اختيارين کي گهرجي ته نوٽيس وٺن.

محمد ابراهيم، حيدرآباد
پاڪستان دهشتگردن خلاف ڪارروائي جو حق رکي ٿو

پاڪستان هڪ خودمختيار ملڪ آهي ۽ هن کي پنهنجي سرحدن جي حفاظت جو حق آهي. دهشتگردي خلاف جنگ ۾ پاڪستان وڏيون قربانيون ڏنيون آهن. عالمي برادري کي پاڪستان جي ڪوششن کي تسليم ڪرڻ گهرجي.

پاڪستان هڪ خودمختيار ملڪ آهي ۽ هن کي پنهنجي سرحدن جي حفاظت جو حق آهي. دهشتگردي خلاف جنگ ۾ پاڪستان وڏيون قربانيون ڏنيون آهن. عالمي برادري کي پاڪستان جي ڪوششن کي تسليم ڪرڻ گهرجي.

پاڪستان هڪ خودمختيار ملڪ آهي ۽ هن کي پنهنجي سرحدن جي حفاظت جو حق آهي. دهشتگردي خلاف جنگ ۾ پاڪستان وڏيون قربانيون ڏنيون آهن. عالمي برادري کي پاڪستان جي ڪوششن کي تسليم ڪرڻ گهرجي.

دهشتگردي خلاف ڪارروائي جي ضرورت آهي. ملڪ ۾ امن امان جي صورتحال ڏينهون ڏينهن خراب ٿيندي پئي وڃي. حڪمرانن کي گهرجي ته عوام جي جان ۽ مال جي حفاظت کي يقيني بڻائين.

دهشتگردي خلاف ڪارروائي جي ضرورت آهي. ملڪ ۾ امن امان جي صورتحال ڏينهون ڏينهن خراب ٿيندي پئي وڃي. حڪمرانن کي گهرجي ته عوام جي جان ۽ مال جي حفاظت کي يقيني بڻائين.

دهشتگردي خلاف ڪارروائي جي ضرورت آهي. ملڪ ۾ امن امان جي صورتحال ڏينهون ڏينهن خراب ٿيندي پئي وڃي. حڪمرانن کي گهرجي ته عوام جي جان ۽ مال جي حفاظت کي يقيني بڻائين.

توفيق احمد، ڪراچي
ملڪ جا حڪمران ڌيان ڏين

دهشتگردي خلاف ڪارروائي جي ضرورت آهي. ملڪ ۾ امن امان جي صورتحال ڏينهون ڏينهن خراب ٿيندي پئي وڃي. حڪمرانن کي گهرجي ته عوام جي جان ۽ مال جي حفاظت کي يقيني بڻائين.

ڪيترن ئي بئنڪن ۾ عملدار ماڻهن سان بدتميزي ڪن ٿا. خاص طور تي پينشنرن کي وڏي تڪليف جو منهن ڏسڻو پوي ٿو. انتظاميا کي نوٽيس وٺڻ گهرجي.

دهشتگردي خلاف ڪارروائي جي ضرورت آهي. ملڪ ۾ امن امان جي صورتحال ڏينهون ڏينهن خراب ٿيندي پئي وڃي. حڪمرانن کي گهرجي ته عوام جي جان ۽ مال جي حفاظت کي يقيني بڻائين.

ڪيترن ئي بئنڪن ۾ عملدار ماڻهن سان بدتميزي ڪن ٿا. خاص طور تي پينشنرن کي وڏي تڪليف جو منهن ڏسڻو پوي ٿو. انتظاميا کي نوٽيس وٺڻ گهرجي.

دهشتگردي خلاف ڪارروائي جي ضرورت آهي. ملڪ ۾ امن امان جي صورتحال ڏينهون ڏينهن خراب ٿيندي پئي وڃي. حڪمرانن کي گهرجي ته عوام جي جان ۽ مال جي حفاظت کي يقيني بڻائين.

ڪيترن ئي بئنڪن ۾ عملدار ماڻهن سان بدتميزي ڪن ٿا. خاص طور تي پينشنرن کي وڏي تڪليف جو منهن ڏسڻو پوي ٿو. انتظاميا کي نوٽيس وٺڻ گهرجي.

شاگردن لاءِ تدريسي ڪتاب ڪڏهن سوال ڪري سگهندا؟

سرڪاري اسڪولن ۾ شاگردن کي اڃا تائين ڪتاب نه مليا آهن. تعليمي سال شروع ٿئي ڪيترائي مهينا گذري ويا آهن پر ڪتابن جي ورهاست جو عمل مڪمل نه ٿي سگهيو آهي. والدين پريشان آهن ۽ شاگردن جي پڙهائي متاثر ٿي رهي آهي. تعليم کاتي جي اختيارين کي گهرجي ته فوري طور تي ڪتابن جي فراهمي کي يقيني بڻائين.

سرڪاري اسڪولن ۾ شاگردن کي اڃا تائين ڪتاب نه مليا آهن. تعليمي سال شروع ٿئي ڪيترائي مهينا گذري ويا آهن پر ڪتابن جي ورهاست جو عمل مڪمل نه ٿي سگهيو آهي. والدين پريشان آهن ۽ شاگردن جي پڙهائي متاثر ٿي رهي آهي. تعليم کاتي جي اختيارين کي گهرجي ته فوري طور تي ڪتابن جي فراهمي کي يقيني بڻائين.

سرڪاري اسڪولن ۾ شاگردن کي اڃا تائين ڪتاب نه مليا آهن. تعليمي سال شروع ٿئي ڪيترائي مهينا گذري ويا آهن پر ڪتابن جي ورهاست جو عمل مڪمل نه ٿي سگهيو آهي. والدين پريشان آهن ۽ شاگردن جي پڙهائي متاثر ٿي رهي آهي. تعليم کاتي جي اختيارين کي گهرجي ته فوري طور تي ڪتابن جي فراهمي کي يقيني بڻائين.

سرڪاري اسڪولن ۾ شاگردن کي اڃا تائين ڪتاب نه مليا آهن. تعليمي سال شروع ٿئي ڪيترائي مهينا گذري ويا آهن پر ڪتابن جي ورهاست جو عمل مڪمل نه ٿي سگهيو آهي. والدين پريشان آهن ۽ شاگردن جي پڙهائي متاثر ٿي رهي آهي. تعليم کاتي جي اختيارين کي گهرجي ته فوري طور تي ڪتابن جي فراهمي کي يقيني بڻائين.

سرڪاري اسڪولن ۾ شاگردن کي اڃا تائين ڪتاب نه مليا آهن. تعليمي سال شروع ٿئي ڪيترائي مهينا گذري ويا آهن پر ڪتابن جي ورهاست جو عمل مڪمل نه ٿي سگهيو آهي. والدين پريشان آهن ۽ شاگردن جي پڙهائي متاثر ٿي رهي آهي. تعليم کاتي جي اختيارين کي گهرجي ته فوري طور تي ڪتابن جي فراهمي کي يقيني بڻائين.

سرڪاري اسڪولن ۾ شاگردن کي اڃا تائين ڪتاب نه مليا آهن. تعليمي سال شروع ٿئي ڪيترائي مهينا گذري ويا آهن پر ڪتابن جي ورهاست جو عمل مڪمل نه ٿي سگهيو آهي. والدين پريشان آهن ۽ شاگردن جي پڙهائي متاثر ٿي رهي آهي. تعليم کاتي جي اختيارين کي گهرجي ته فوري طور تي ڪتابن جي فراهمي کي يقيني بڻائين.

عبدالرحيم، لاڙڪاڻو
شاهزيب مير
نوٽ:
ڪاوش هائيڊ پارڪ لاءِ خط موڪليندڙ هن پتي تي رابطو ڪن: ڪاوش هائيڊ پارڪ، ڪاوش هائوس، 2-H لطيف آباد حيدرآباد، اي ميل ايڊريس:
kawishydepark@gmail.com
